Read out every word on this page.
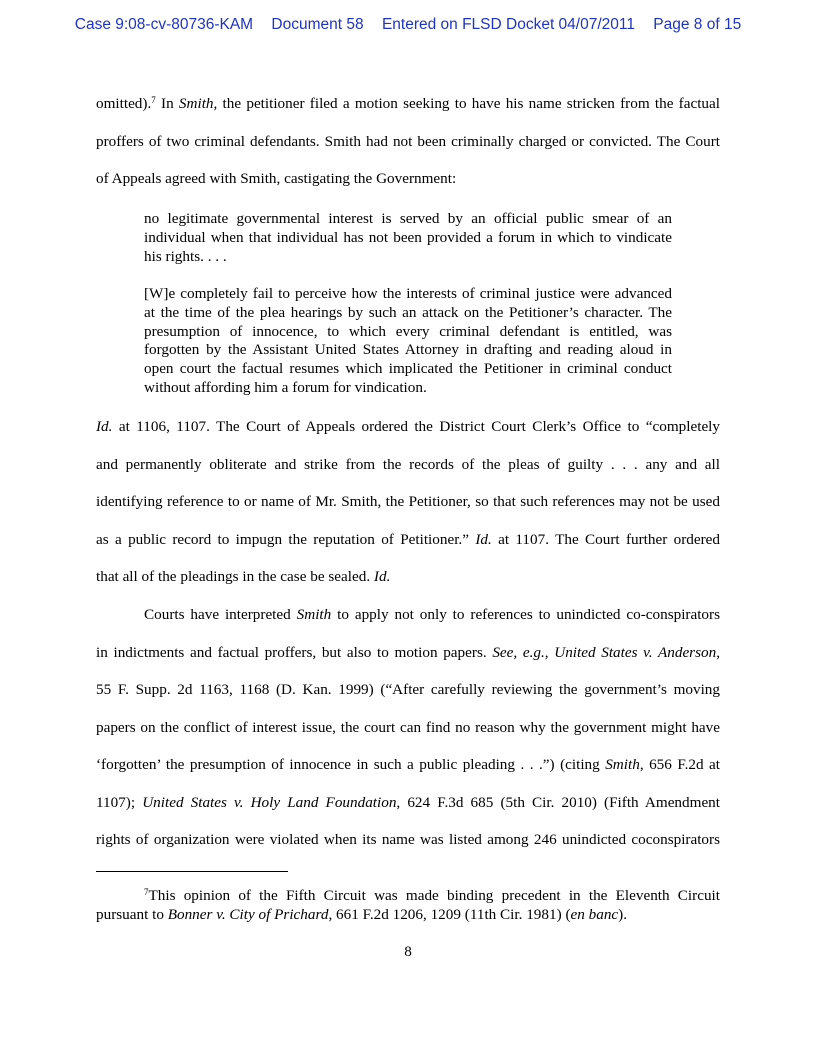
Case 9:08-cv-80736-KAM Document 58 Entered on FLSD Docket 04/07/2011 Page 8 of 15
omitted).$^7$ In Smith, the petitioner filed a motion seeking to have his name stricken from the factual
proffers of two criminal defendants. Smith had not been criminally charged or convicted. The Court
of Appeals agreed with Smith, castigating the Government:
no legitimate governmental interest is served by an official public smear of an
individual when that individual has not been provided a forum in which to vindicate
his rights. . . .
[W]e completely fail to perceive how the interests of criminal justice were advanced
at the time of the plea hearings by such an attack on the Petitioner’s character. The
presumption of innocence, to which every criminal defendant is entitled, was
forgotten by the Assistant United States Attorney in drafting and reading aloud in
open court the factual resumes which implicated the Petitioner in criminal conduct
without affording him a forum for vindication.
Id. at 1106, 1107. The Court of Appeals ordered the District Court Clerk’s Office to “completely
and permanently obliterate and strike from the records of the pleas of guilty . . . any and all
identifying reference to or name of Mr. Smith, the Petitioner, so that such references may not be used
as a public record to impugn the reputation of Petitioner.” Id. at 1107. The Court further ordered
that all of the pleadings in the case be sealed. Id.
Courts have interpreted Smith to apply not only to references to unindicted co-conspirators
in indictments and factual proffers, but also to motion papers. See, e.g., United States v. Anderson,
55 F. Supp. 2d 1163, 1168 (D. Kan. 1999) (“After carefully reviewing the government’s moving
papers on the conflict of interest issue, the court can find no reason why the government might have
‘forgotten’ the presumption of innocence in such a public pleading . . .”) (citing Smith, 656 F.2d at
1107); United States v. Holy Land Foundation, 624 F.3d 685 (5th Cir. 2010) (Fifth Amendment
rights of organization were violated when its name was listed among 246 unindicted coconspirators
$^7$This opinion of the Fifth Circuit was made binding precedent in the Eleventh Circuit
pursuant to Bonner v. City of Prichard, 661 F.2d 1206, 1209 (11th Cir. 1981) (en banc).
8
